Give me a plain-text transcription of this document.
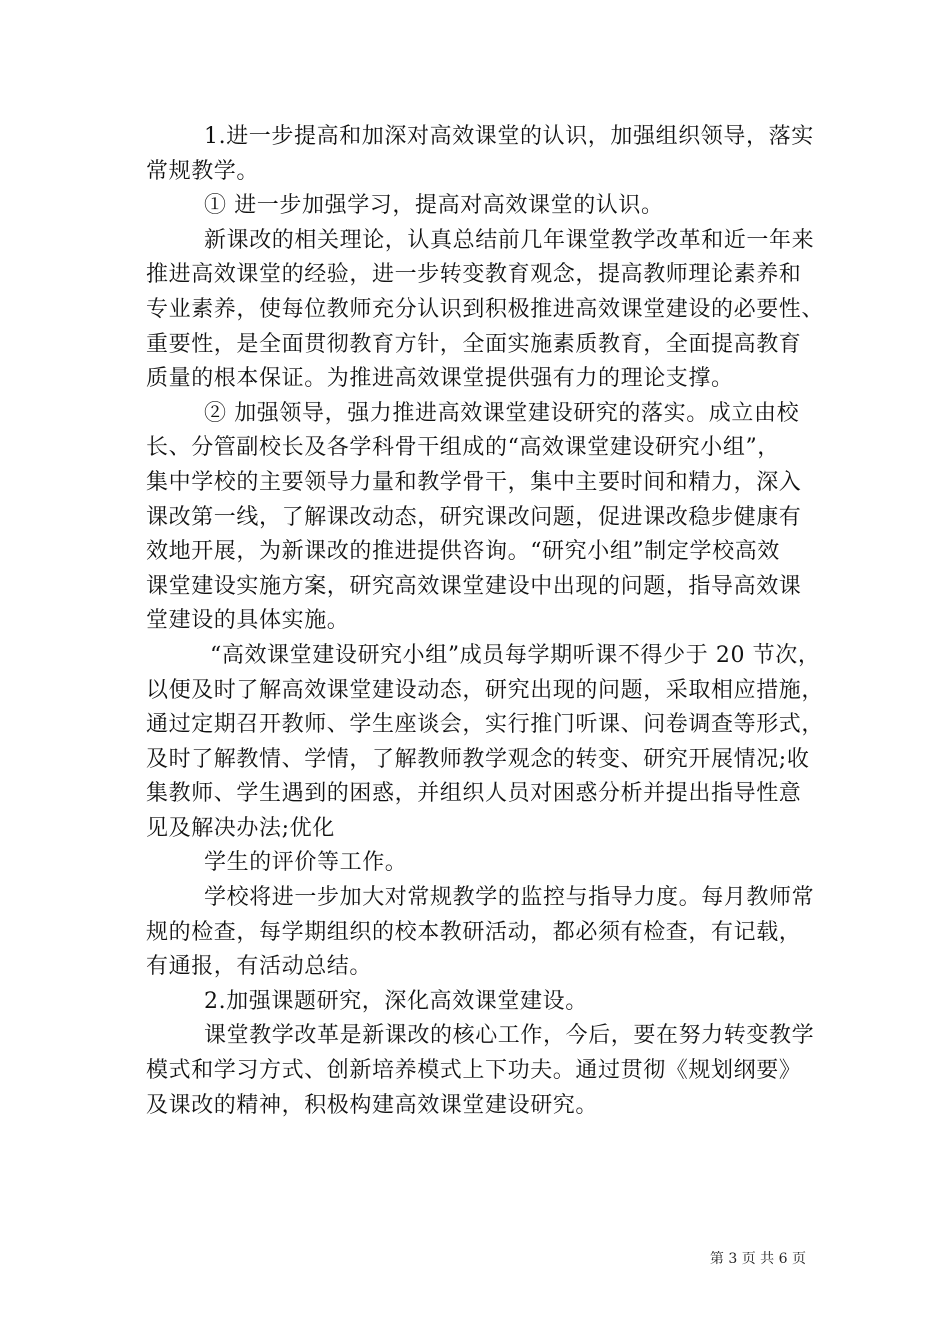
1.进一步提高和加深对高效课堂的认识，加强组织领导，落实
常规教学。
① 进一步加强学习，提高对高效课堂的认识。
新课改的相关理论，认真总结前几年课堂教学改革和近一年来
推进高效课堂的经验，进一步转变教育观念，提高教师理论素养和
专业素养，使每位教师充分认识到积极推进高效课堂建设的必要性、
重要性，是全面贯彻教育方针，全面实施素质教育，全面提高教育
质量的根本保证。为推进高效课堂提供强有力的理论支撑。
② 加强领导，强力推进高效课堂建设研究的落实。成立由校
长、分管副校长及各学科骨干组成的“高效课堂建设研究小组”，
集中学校的主要领导力量和教学骨干，集中主要时间和精力，深入
课改第一线，了解课改动态，研究课改问题，促进课改稳步健康有
效地开展，为新课改的推进提供咨询。“研究小组”制定学校高效
课堂建设实施方案，研究高效课堂建设中出现的问题，指导高效课
堂建设的具体实施。
“高效课堂建设研究小组”成员每学期听课不得少于 20 节次，
以便及时了解高效课堂建设动态，研究出现的问题，采取相应措施，
通过定期召开教师、学生座谈会，实行推门听课、问卷调查等形式，
及时了解教情、学情，了解教师教学观念的转变、研究开展情况;收
集教师、学生遇到的困惑，并组织人员对困惑分析并提出指导性意
见及解决办法;优化
学生的评价等工作。
学校将进一步加大对常规教学的监控与指导力度。每月教师常
规的检查，每学期组织的校本教研活动，都必须有检查，有记载，
有通报，有活动总结。
2.加强课题研究，深化高效课堂建设。
课堂教学改革是新课改的核心工作，今后，要在努力转变教学
模式和学习方式、创新培养模式上下功夫。通过贯彻《规划纲要》
及课改的精神，积极构建高效课堂建设研究。
第 3 页 共 6 页
